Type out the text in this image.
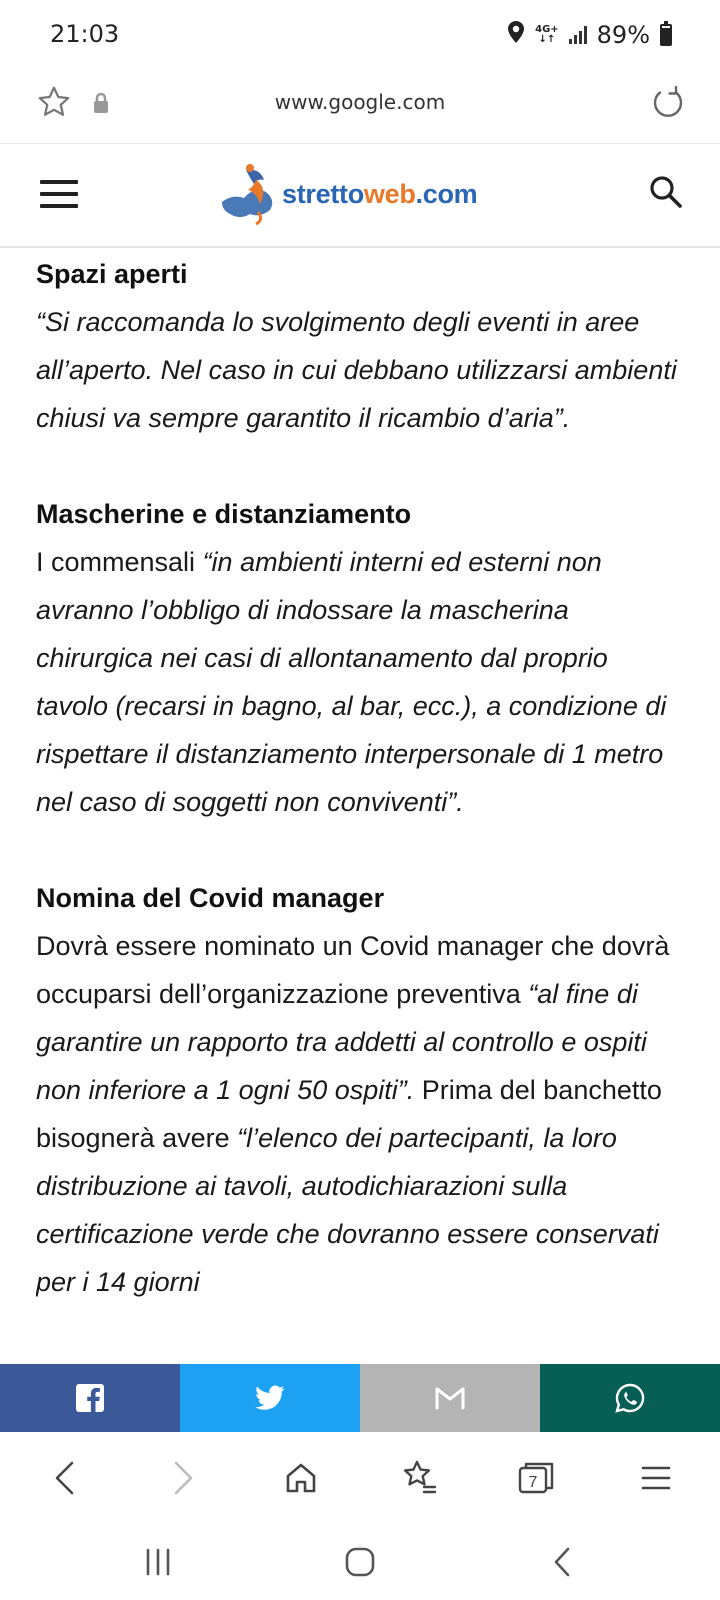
21:03	4G+
↓↑ 89%
www.google.com
strettoweb.com
Spazi aperti
“Si raccomanda lo svolgimento degli eventi in aree all’aperto. Nel caso in cui debbano utilizzarsi ambienti chiusi va sempre garantito il ricambio d’aria”.
Mascherine e distanziamento
I commensali “in ambienti interni ed esterni non avranno l’obbligo di indossare la mascherina chirurgica nei casi di allontanamento dal proprio tavolo (recarsi in bagno, al bar, ecc.), a condizione di rispettare il distanziamento interpersonale di 1 metro nel caso di soggetti non conviventi”.
Nomina del Covid manager
Dovrà essere nominato un Covid manager che dovrà occuparsi dell’organizzazione preventiva “al fine di garantire un rapporto tra addetti al controllo e ospiti non inferiore a 1 ogni 50 ospiti”. Prima del banchetto bisognerà avere “l’elenco dei partecipanti, la loro distribuzione ai tavoli, autodichiarazioni sulla certificazione verde che dovranno essere conservati per i 14 giorni
7
